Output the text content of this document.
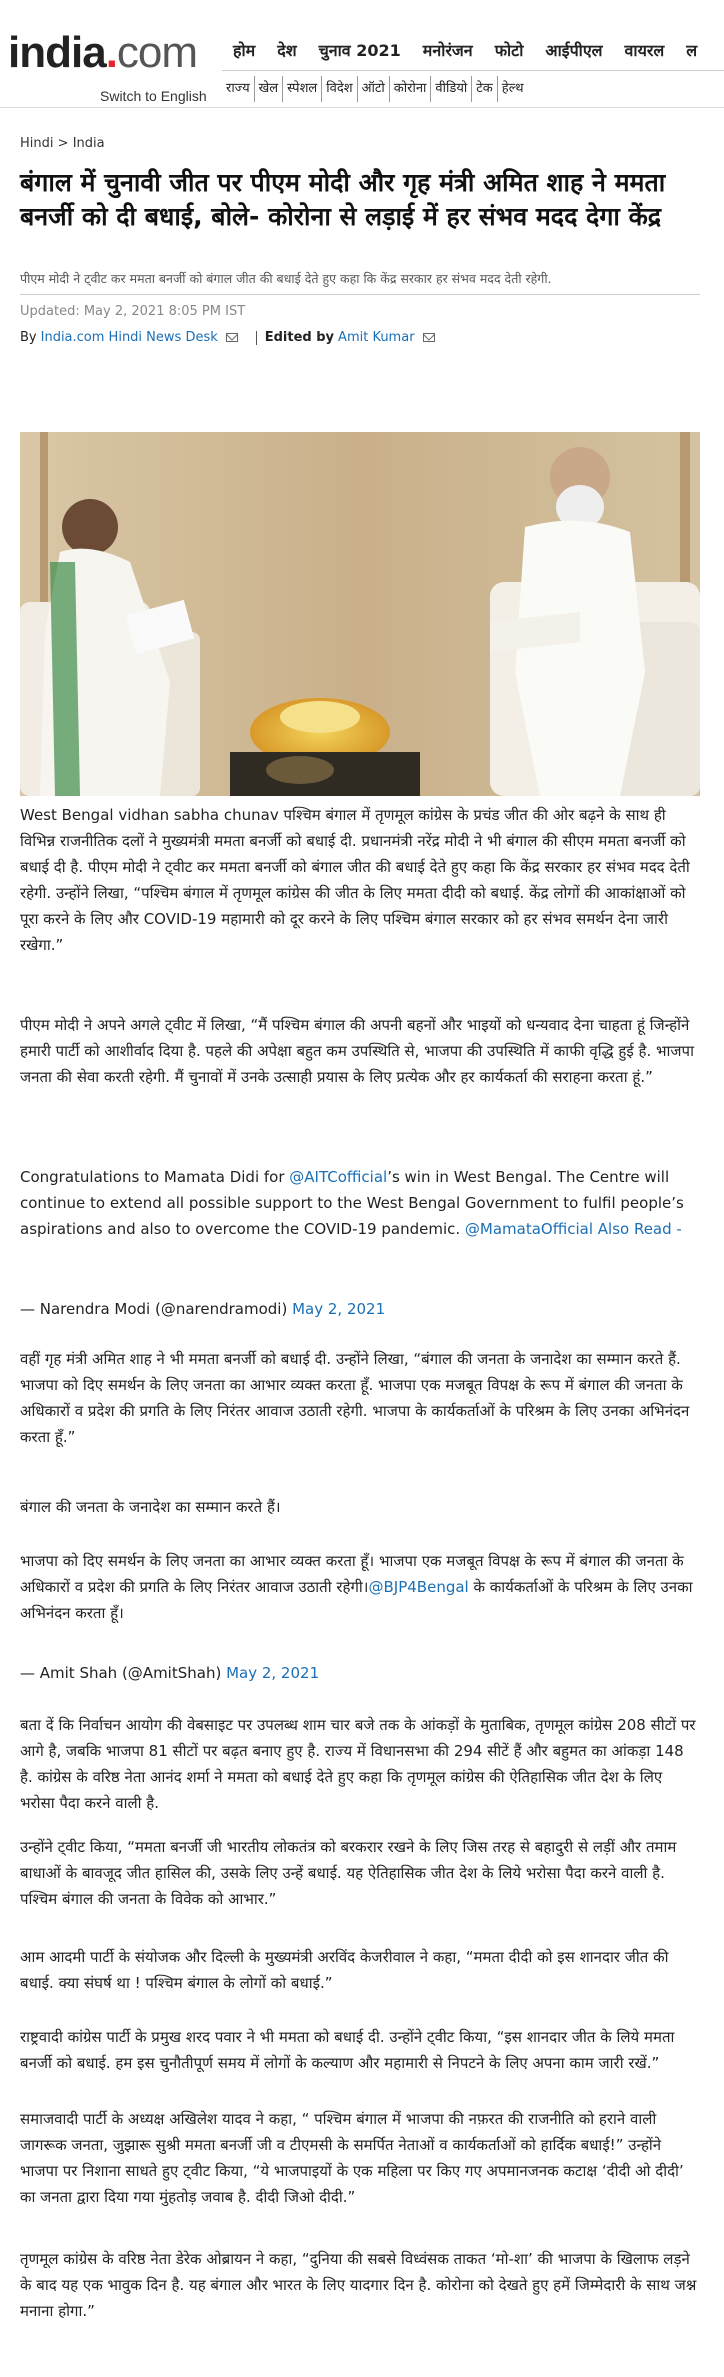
india.com
Switch to English
होम	देश	चुनाव 2021	मनोरंजन	फोटो	आईपीएल	वायरल	ल
राज्य खेल स्पेशल विदेश ऑटो कोरोना वीडियो टेक हेल्थ
Hindi > India
बंगाल में चुनावी जीत पर पीएम मोदी और गृह मंत्री अमित शाह ने ममता बनर्जी को दी बधाई, बोले- कोरोना से लड़ाई में हर संभव मदद देगा केंद्र
पीएम मोदी ने ट्वीट कर ममता बनर्जी को बंगाल जीत की बधाई देते हुए कहा कि केंद्र सरकार हर संभव मदद देती रहेगी.
Updated: May 2, 2021 8:05 PM IST
By India.com Hindi News Desk	Edited by Amit Kumar

West Bengal vidhan sabha chunav पश्चिम बंगाल में तृणमूल कांग्रेस के प्रचंड जीत की ओर बढ़ने के साथ ही विभिन्न राजनीतिक दलों ने मुख्यमंत्री ममता बनर्जी को बधाई दी. प्रधानमंत्री नरेंद्र मोदी ने भी बंगाल की सीएम ममता बनर्जी को बधाई दी है. पीएम मोदी ने ट्वीट कर ममता बनर्जी को बंगाल जीत की बधाई देते हुए कहा कि केंद्र सरकार हर संभव मदद देती रहेगी. उन्होंने लिखा, “पश्चिम बंगाल में तृणमूल कांग्रेस की जीत के लिए ममता दीदी को बधाई. केंद्र लोगों की आकांक्षाओं को पूरा करने के लिए और COVID-19 महामारी को दूर करने के लिए पश्चिम बंगाल सरकार को हर संभव समर्थन देना जारी रखेगा.”

पीएम मोदी ने अपने अगले ट्वीट में लिखा, “मैं पश्चिम बंगाल की अपनी बहनों और भाइयों को धन्यवाद देना चाहता हूं जिन्होंने हमारी पार्टी को आशीर्वाद दिया है. पहले की अपेक्षा बहुत कम उपस्थिति से, भाजपा की उपस्थिति में काफी वृद्धि हुई है. भाजपा जनता की सेवा करती रहेगी. मैं चुनावों में उनके उत्साही प्रयास के लिए प्रत्येक और हर कार्यकर्ता की सराहना करता हूं.”

Congratulations to Mamata Didi for @AITCofficial’s win in West Bengal. The Centre will continue to extend all possible support to the West Bengal Government to fulfil people’s aspirations and also to overcome the COVID-19 pandemic. @MamataOfficial Also Read -

— Narendra Modi (@narendramodi) May 2, 2021

वहीं गृह मंत्री अमित शाह ने भी ममता बनर्जी को बधाई दी. उन्होंने लिखा, “बंगाल की जनता के जनादेश का सम्मान करते हैं. भाजपा को दिए समर्थन के लिए जनता का आभार व्यक्त करता हूँ. भाजपा एक मजबूत विपक्ष के रूप में बंगाल की जनता के अधिकारों व प्रदेश की प्रगति के लिए निरंतर आवाज उठाती रहेगी. भाजपा के कार्यकर्ताओं के परिश्रम के लिए उनका अभिनंदन करता हूँ.”

बंगाल की जनता के जनादेश का सम्मान करते हैं।

भाजपा को दिए समर्थन के लिए जनता का आभार व्यक्त करता हूँ। भाजपा एक मजबूत विपक्ष के रूप में बंगाल की जनता के अधिकारों व प्रदेश की प्रगति के लिए निरंतर आवाज उठाती रहेगी।@BJP4Bengal के कार्यकर्ताओं के परिश्रम के लिए उनका अभिनंदन करता हूँ।

— Amit Shah (@AmitShah) May 2, 2021

बता दें कि निर्वाचन आयोग की वेबसाइट पर उपलब्ध शाम चार बजे तक के आंकड़ों के मुताबिक, तृणमूल कांग्रेस 208 सीटों पर आगे है, जबकि भाजपा 81 सीटों पर बढ़त बनाए हुए है. राज्य में विधानसभा की 294 सीटें हैं और बहुमत का आंकड़ा 148 है. कांग्रेस के वरिष्ठ नेता आनंद शर्मा ने ममता को बधाई देते हुए कहा कि तृणमूल कांग्रेस की ऐतिहासिक जीत देश के लिए भरोसा पैदा करने वाली है.

उन्होंने ट्वीट किया, “ममता बनर्जी जी भारतीय लोकतंत्र को बरकरार रखने के लिए जिस तरह से बहादुरी से लड़ीं और तमाम बाधाओं के बावजूद जीत हासिल की, उसके लिए उन्हें बधाई. यह ऐतिहासिक जीत देश के लिये भरोसा पैदा करने वाली है. पश्चिम बंगाल की जनता के विवेक को आभार.”

आम आदमी पार्टी के संयोजक और दिल्ली के मुख्यमंत्री अरविंद केजरीवाल ने कहा, “ममता दीदी को इस शानदार जीत की बधाई. क्या संघर्ष था ! पश्चिम बंगाल के लोगों को बधाई.”

राष्ट्रवादी कांग्रेस पार्टी के प्रमुख शरद पवार ने भी ममता को बधाई दी. उन्होंने ट्वीट किया, “इस शानदार जीत के लिये ममता बनर्जी को बधाई. हम इस चुनौतीपूर्ण समय में लोगों के कल्याण और महामारी से निपटने के लिए अपना काम जारी रखें.”

समाजवादी पार्टी के अध्यक्ष अखिलेश यादव ने कहा, “ पश्चिम बंगाल में भाजपा की नफ़रत की राजनीति को हराने वाली जागरूक जनता, जुझारू सुश्री ममता बनर्जी जी व टीएमसी के समर्पित नेताओं व कार्यकर्ताओं को हार्दिक बधाई!” उन्होंने भाजपा पर निशाना साधते हुए ट्वीट किया, “ये भाजपाइयों के एक महिला पर किए गए अपमानजनक कटाक्ष ‘दीदी ओ दीदी’ का जनता द्वारा दिया गया मुंहतोड़ जवाब है. दीदी जिओ दीदी.”

तृणमूल कांग्रेस के वरिष्ठ नेता डेरेक ओब्रायन ने कहा, “दुनिया की सबसे विध्वंसक ताकत ‘मो-शा’ की भाजपा के खिलाफ लड़ने के बाद यह एक भावुक दिन है. यह बंगाल और भारत के लिए यादगार दिन है. कोरोना को देखते हुए हमें जिम्मेदारी के साथ जश्न मनाना होगा.”
